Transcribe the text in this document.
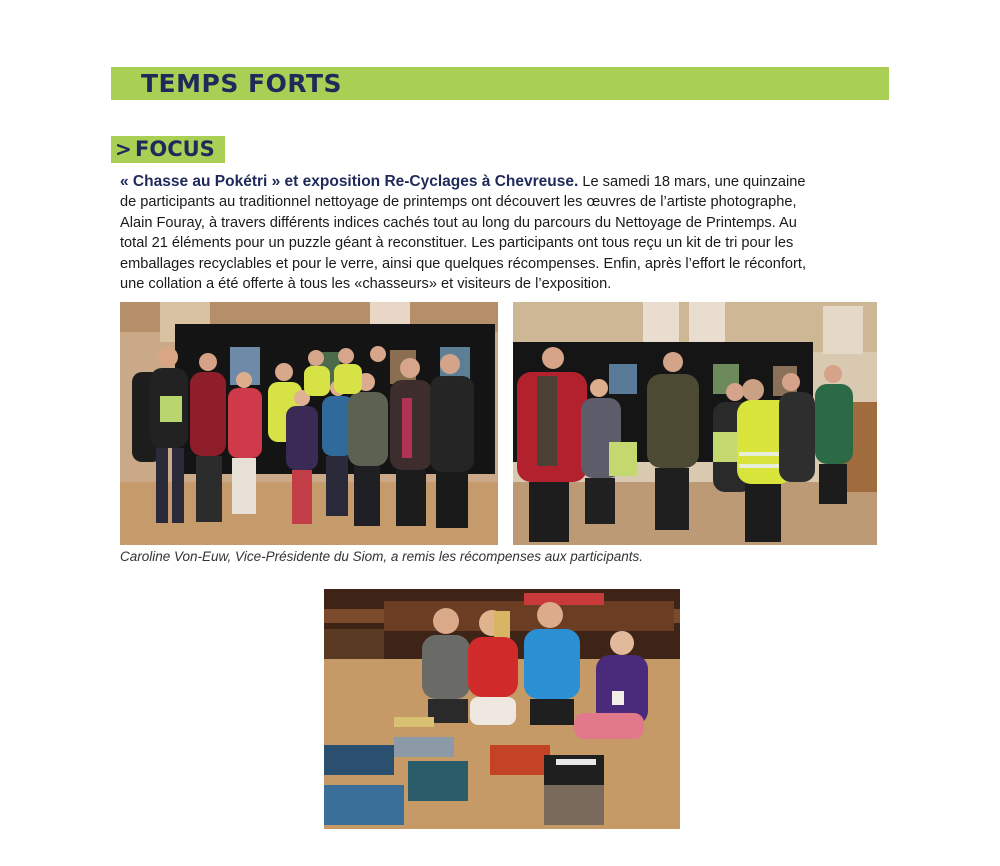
TEMPS FORTS
> FOCUS
« Chasse au Pokétri » et exposition Re-Cyclages à Chevreuse. Le samedi 18 mars, une quinzaine de participants au traditionnel nettoyage de printemps ont découvert les œuvres de l’artiste photographe, Alain Fouray, à travers différents indices cachés tout au long du parcours du Nettoyage de Printemps. Au total 21 éléments pour un puzzle géant à reconstituer. Les participants ont tous reçu un kit de tri pour les emballages recyclables et pour le verre, ainsi que quelques récompenses. Enfin, après l’effort le réconfort, une collation a été offerte à tous les «chasseurs» et visiteurs de l’exposition.
Caroline Von-Euw, Vice-Présidente du Siom, a remis les récompenses aux participants.
